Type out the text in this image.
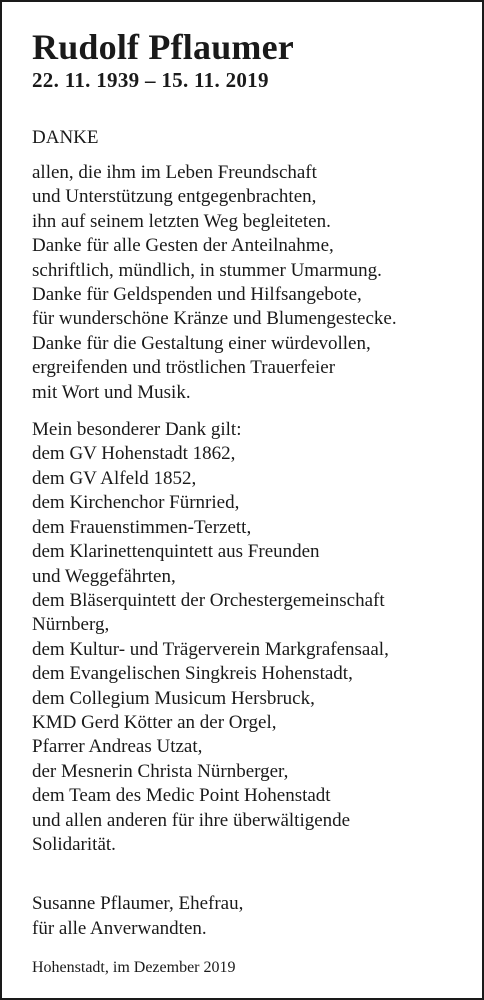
Rudolf Pflaumer

22. 11. 1939 – 15. 11. 2019

DANKE

allen, die ihm im Leben Freundschaft
und Unterstützung entgegenbrachten,
ihn auf seinem letzten Weg begleiteten.
Danke für alle Gesten der Anteilnahme,
schriftlich, mündlich, in stummer Umarmung.
Danke für Geldspenden und Hilfsangebote,
für wunderschöne Kränze und Blumengestecke.
Danke für die Gestaltung einer würdevollen,
ergreifenden und tröstlichen Trauerfeier
mit Wort und Musik.

Mein besonderer Dank gilt:
dem GV Hohenstadt 1862,
dem GV Alfeld 1852,
dem Kirchenchor Fürnried,
dem Frauenstimmen-Terzett,
dem Klarinettenquintett aus Freunden
und Weggefährten,
dem Bläserquintett der Orchestergemeinschaft
Nürnberg,
dem Kultur- und Trägerverein Markgrafensaal,
dem Evangelischen Singkreis Hohenstadt,
dem Collegium Musicum Hersbruck,
KMD Gerd Kötter an der Orgel,
Pfarrer Andreas Utzat,
der Mesnerin Christa Nürnberger,
dem Team des Medic Point Hohenstadt
und allen anderen für ihre überwältigende
Solidarität.

Susanne Pflaumer, Ehefrau,
für alle Anverwandten.

Hohenstadt, im Dezember 2019
